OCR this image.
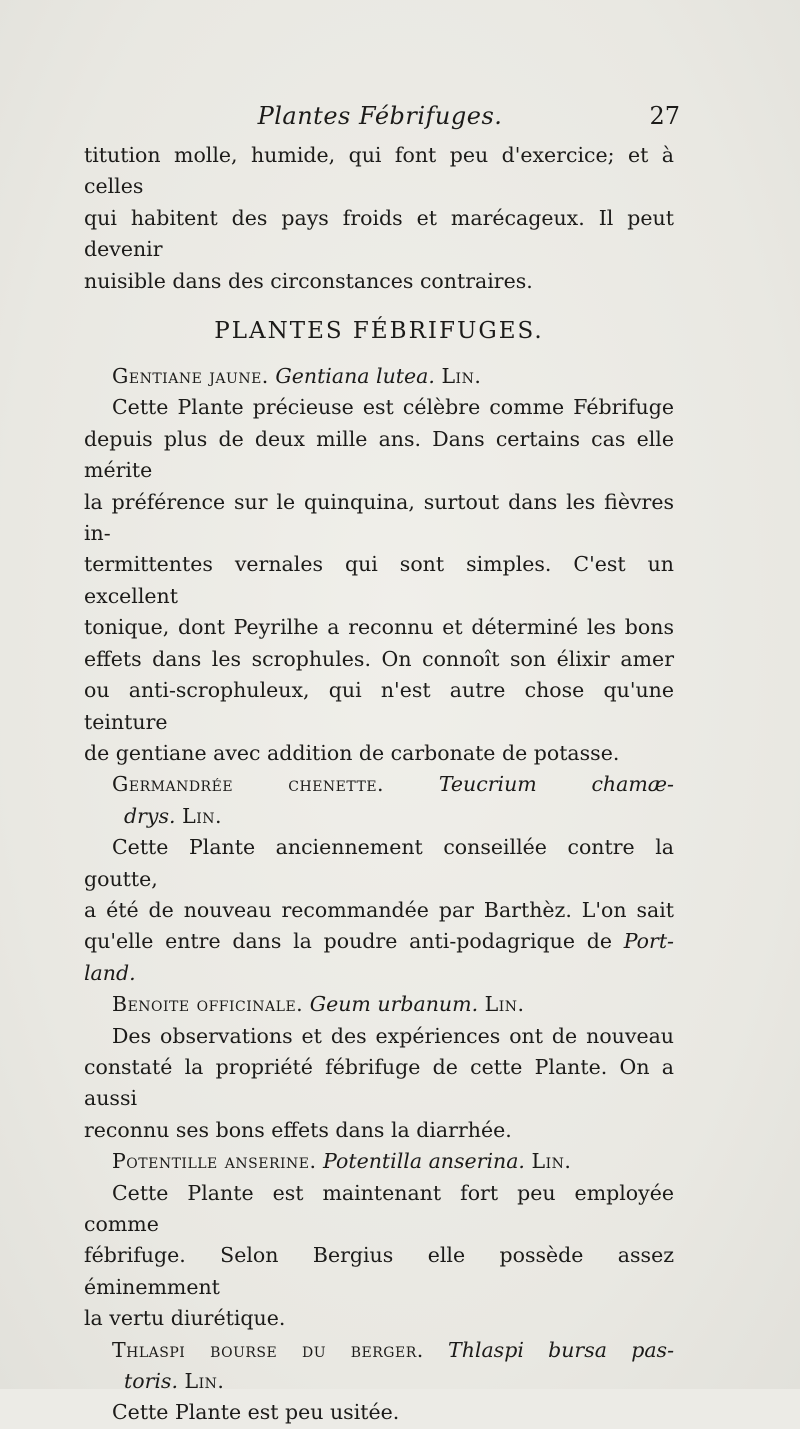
Plantes Fébrifuges.	27

titution molle, humide, qui font peu d'exercice; et à celles

qui habitent des pays froids et marécageux. Il peut devenir

nuisible dans des circonstances contraires.

PLANTES FÉBRIFUGES.

Gentiane jaune. Gentiana lutea. Lin.

Cette Plante précieuse est célèbre comme Fébrifuge

depuis plus de deux mille ans. Dans certains cas elle mérite

la préférence sur le quinquina, surtout dans les fièvres in-

termittentes vernales qui sont simples. C'est un excellent

tonique, dont Peyrilhe a reconnu et déterminé les bons

effets dans les scrophules. On connoît son élixir amer

ou anti-scrophuleux, qui n'est autre chose qu'une teinture

de gentiane avec addition de carbonate de potasse.

Germandrée chenette.	Teucrium chamæ-

drys. Lin.

Cette Plante anciennement conseillée contre la goutte,

a été de nouveau recommandée par Barthèz. L'on sait

qu'elle entre dans la poudre anti-podagrique de Port-

land.

Benoite officinale. Geum urbanum. Lin.

Des observations et des expériences ont de nouveau

constaté la propriété fébrifuge de cette Plante. On a aussi

reconnu ses bons effets dans la diarrhée.

Potentille anserine. Potentilla anserina. Lin.

Cette Plante est maintenant fort peu employée comme

fébrifuge. Selon Bergius elle possède assez éminemment

la vertu diurétique.

Thlaspi bourse du berger. Thlaspi bursa pas-

toris. Lin.

Cette Plante est peu usitée.
